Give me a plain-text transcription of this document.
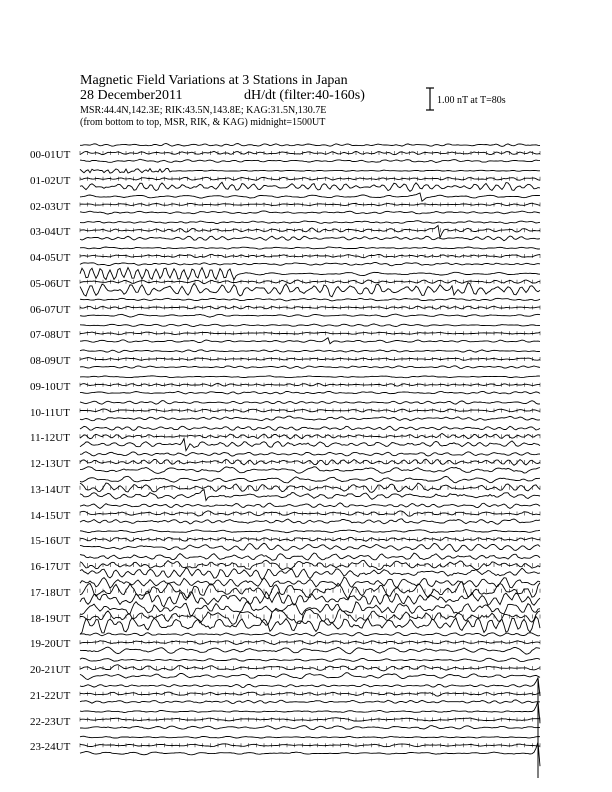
Magnetic Field Variations at 3 Stations in Japan
28 December2011	dH/dt (filter:40-160s)
MSR:44.4N,142.3E; RIK:43.5N,143.8E; KAG:31.5N,130.7E
(from bottom to top, MSR, RIK, & KAG) midnight=1500UT
1.00 nT at T=80s
00-01UT
01-02UT
02-03UT
03-04UT
04-05UT
05-06UT
06-07UT
07-08UT
08-09UT
09-10UT
10-11UT
11-12UT
12-13UT
13-14UT
14-15UT
15-16UT
16-17UT
17-18UT
18-19UT
19-20UT
20-21UT
21-22UT
22-23UT
23-24UT
